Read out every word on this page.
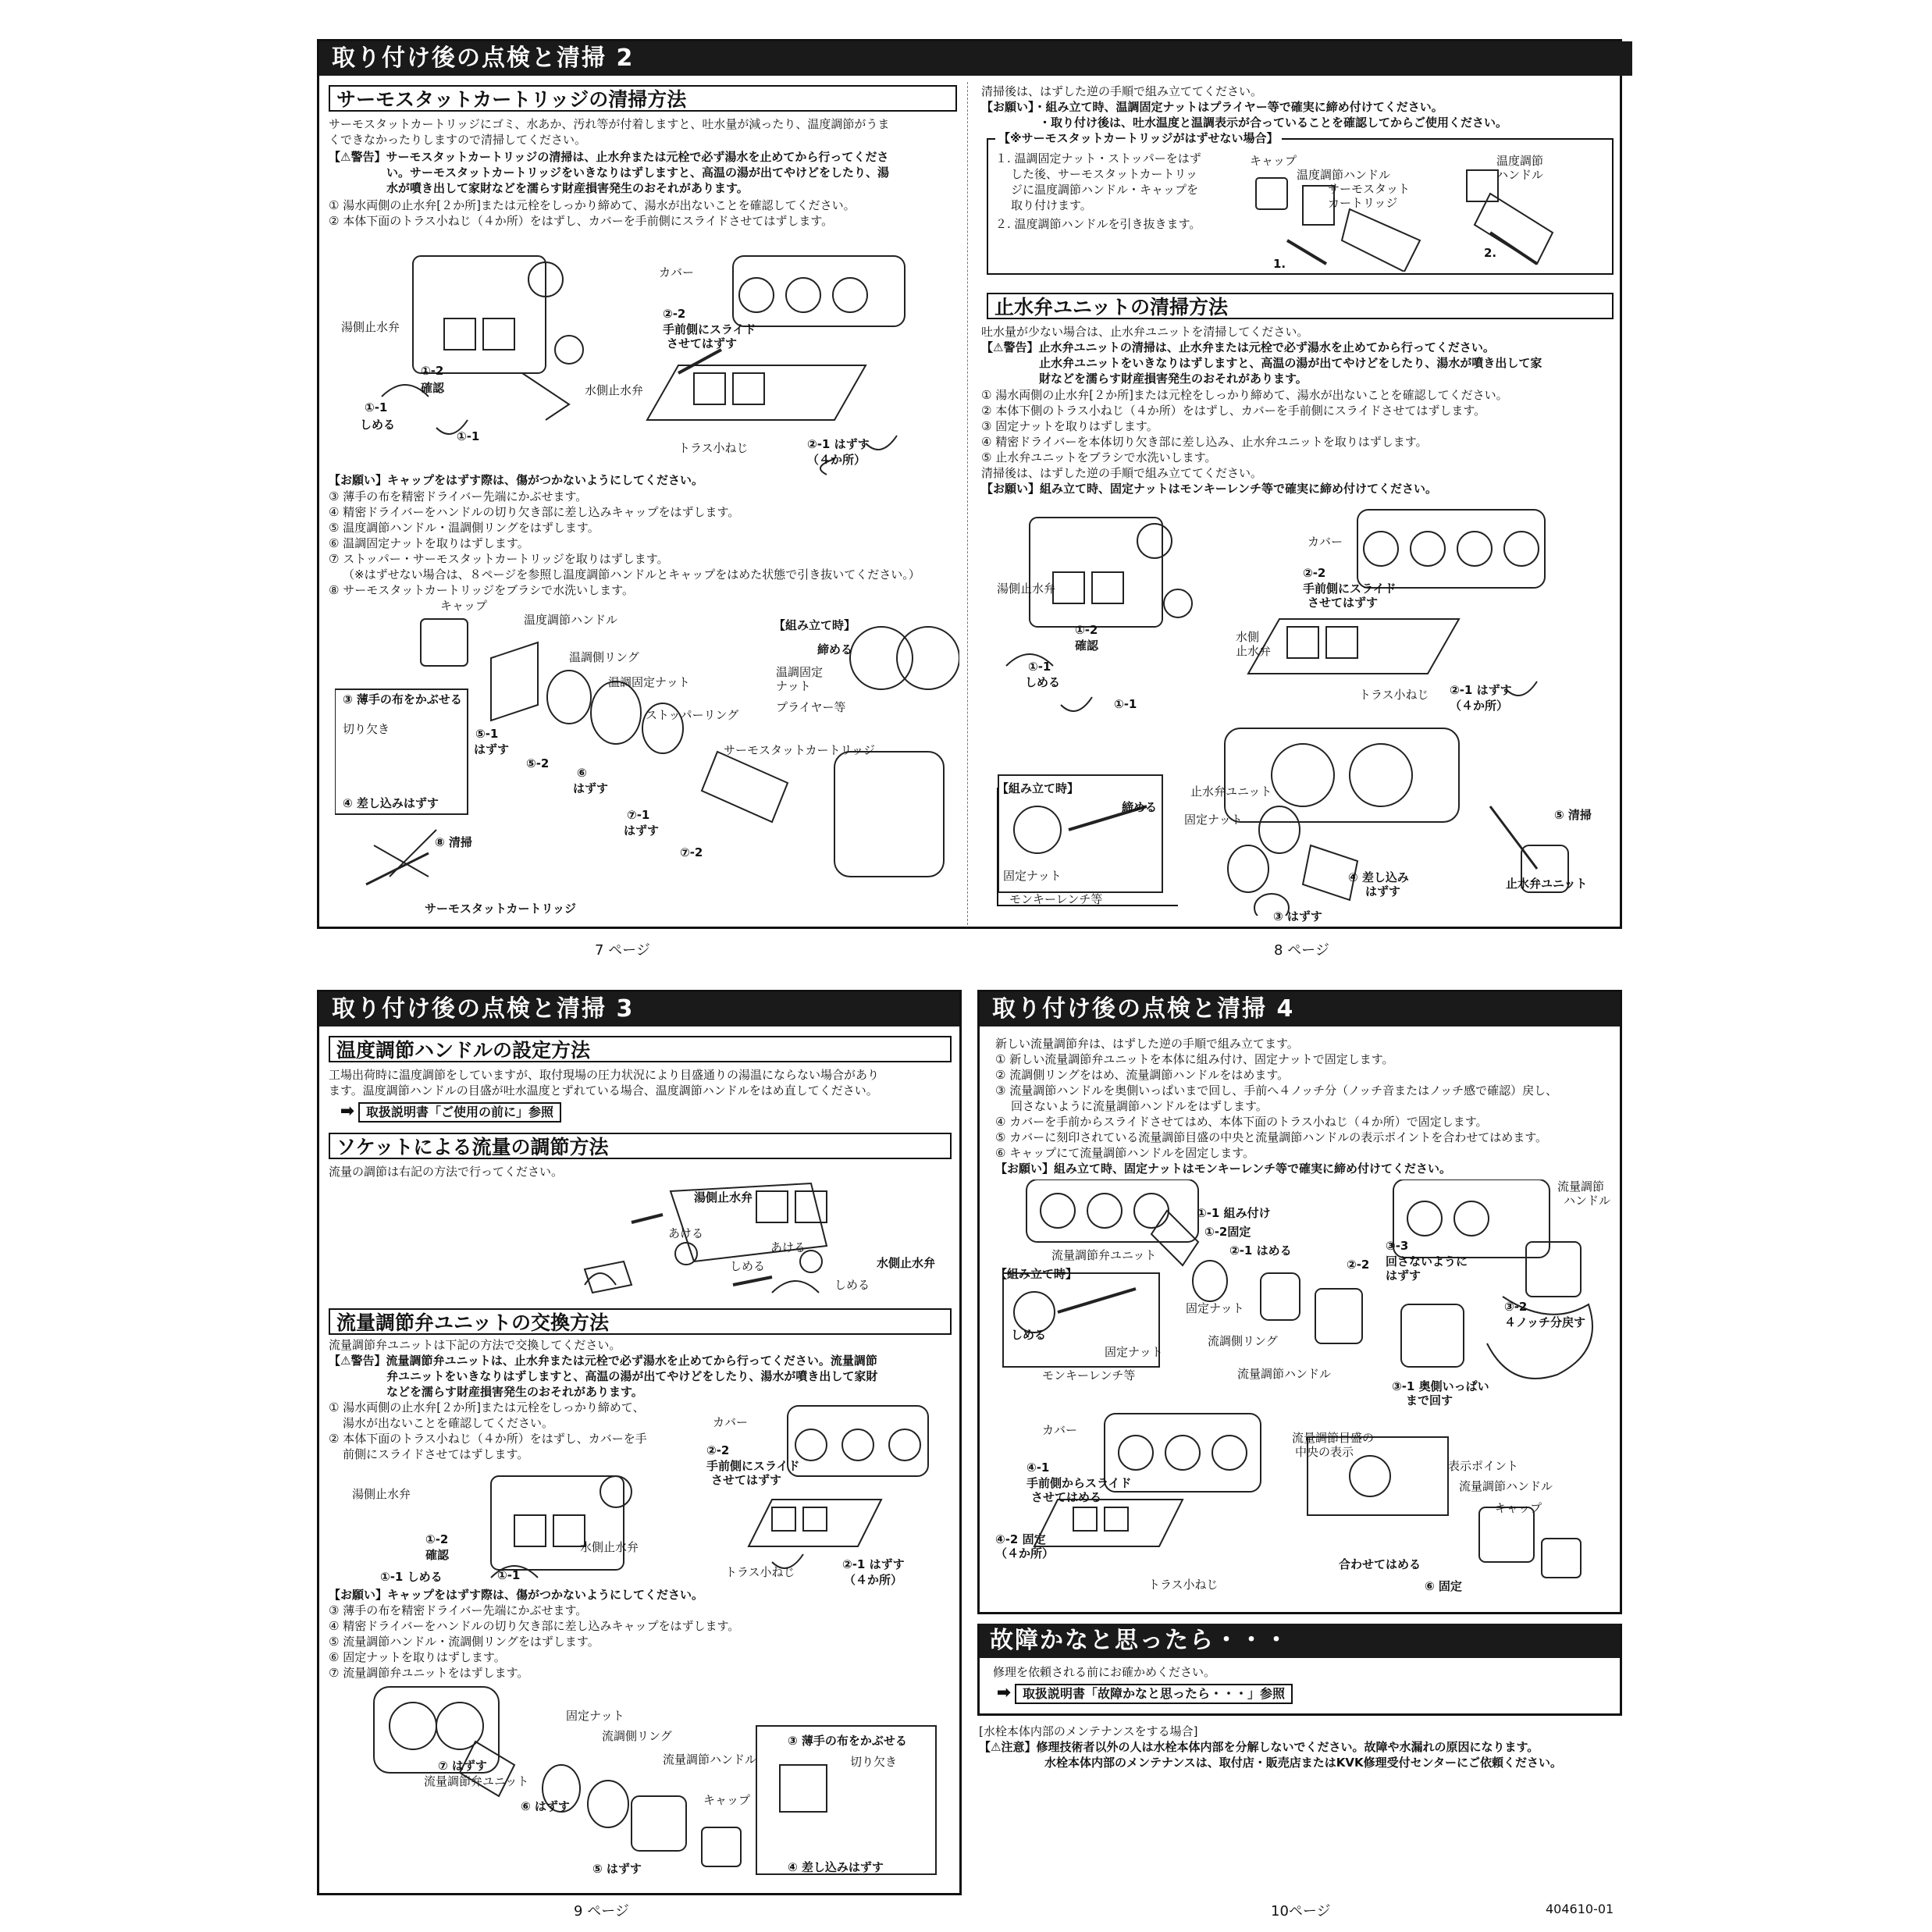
取り付け後の点検と清掃 2
サーモスタットカートリッジの清掃方法
サーモスタットカートリッジにゴミ、水あか、汚れ等が付着しますと、吐水量が減ったり、温度調節がうま
くできなかったりしますので清掃してください。
【⚠警告】サーモスタットカートリッジの清掃は、止水弁または元栓で必ず湯水を止めてから行ってくださ
い。サーモスタットカートリッジをいきなりはずしますと、高温の湯が出てやけどをしたり、湯
水が噴き出して家財などを濡らす財産損害発生のおそれがあります。
① 湯水両側の止水弁[２か所]または元栓をしっかり締めて、湯水が出ないことを確認してください。
② 本体下面のトラス小ねじ（４か所）をはずし、カバーを手前側にスライドさせてはずします。
湯側止水弁
①-2
確認
①-1
しめる
①-1
水側止水弁
カバー
②-2
手前側にスライド
させてはずす
トラス小ねじ	②-1 はずす
（４か所）
【お願い】キャップをはずす際は、傷がつかないようにしてください。
③ 薄手の布を精密ドライバー先端にかぶせます。
④ 精密ドライバーをハンドルの切り欠き部に差し込みキャップをはずします。
⑤ 温度調節ハンドル・温調側リングをはずします。
⑥ 温調固定ナットを取りはずします。
⑦ ストッパー・サーモスタットカートリッジを取りはずします。
（※はずせない場合は、８ページを参照し温度調節ハンドルとキャップをはめた状態で引き抜いてください。）
⑧ サーモスタットカートリッジをブラシで水洗いします。
キャップ
温度調節ハンドル
温調側リング
温調固定ナット
ストッパーリング
サーモスタットカートリッジ
【組み立て時】
締める
温調固定
ナット
プライヤー等
③ 薄手の布をかぶせる
切り欠き	⑤-1
はずす
⑤-2
⑥
はずす
⑦-1
はずす
⑦-2
④ 差し込みはずす
⑧ 清掃
サーモスタットカートリッジ
清掃後は、はずした逆の手順で組み立ててください。
【お願い】・組み立て時、温調固定ナットはプライヤー等で確実に締め付けてください。
・取り付け後は、吐水温度と温調表示が合っていることを確認してからご使用ください。
【※サーモスタットカートリッジがはずせない場合】
１. 温調固定ナット・ストッパーをはず
した後、サーモスタットカートリッ
ジに温度調節ハンドル・キャップを
取り付けます。
２. 温度調節ハンドルを引き抜きます。
キャップ
温度調節ハンドル
サーモスタット
カートリッジ
1.
温度調節
ハンドル
2.
止水弁ユニットの清掃方法
吐水量が少ない場合は、止水弁ユニットを清掃してください。
【⚠警告】止水弁ユニットの清掃は、止水弁または元栓で必ず湯水を止めてから行ってください。
止水弁ユニットをいきなりはずしますと、高温の湯が出てやけどをしたり、湯水が噴き出して家
財などを濡らす財産損害発生のおそれがあります。
① 湯水両側の止水弁[２か所]または元栓をしっかり締めて、湯水が出ないことを確認してください。
② 本体下側のトラス小ねじ（４か所）をはずし、カバーを手前側にスライドさせてはずします。
③ 固定ナットを取りはずします。
④ 精密ドライバーを本体切り欠き部に差し込み、止水弁ユニットを取りはずします。
⑤ 止水弁ユニットをブラシで水洗いします。
清掃後は、はずした逆の手順で組み立ててください。
【お願い】組み立て時、固定ナットはモンキーレンチ等で確実に締め付けてください。
湯側止水弁
①-2
確認
①-1
しめる
①-1
水側
止水弁
カバー
②-2
手前側にスライド
させてはずす
トラス小ねじ ②-1 はずす
（４か所）
【組み立て時】
締める
固定ナット
モンキーレンチ等
止水弁ユニット
固定ナット
④ 差し込み
はずす
③ はずす
⑤ 清掃
止水弁ユニット
7 ページ	8 ページ
取り付け後の点検と清掃 3
温度調節ハンドルの設定方法
工場出荷時に温度調節をしていますが、取付現場の圧力状況により目盛通りの湯温にならない場合があり
ます。温度調節ハンドルの目盛が吐水温度とずれている場合、温度調節ハンドルをはめ直してください。
➡ 取扱説明書「ご使用の前に」参照
ソケットによる流量の調節方法
流量の調節は右記の方法で行ってください。
湯側止水弁
あける
しめる
あける
しめる
水側止水弁
流量調節弁ユニットの交換方法
流量調節弁ユニットは下記の方法で交換してください。
【⚠警告】流量調節弁ユニットは、止水弁または元栓で必ず湯水を止めてから行ってください。流量調節
弁ユニットをいきなりはずしますと、高温の湯が出てやけどをしたり、湯水が噴き出して家財
などを濡らす財産損害発生のおそれがあります。
① 湯水両側の止水弁[２か所]または元栓をしっかり締めて、
湯水が出ないことを確認してください。
② 本体下面のトラス小ねじ（４か所）をはずし、カバーを手
前側にスライドさせてはずします。
カバー
②-2
手前側にスライド
させてはずす
湯側止水弁
①-2
確認
①-1 しめる	①-1
水側止水弁
トラス小ねじ
②-1 はずす
（４か所）
【お願い】キャップをはずす際は、傷がつかないようにしてください。
③ 薄手の布を精密ドライバー先端にかぶせます。
④ 精密ドライバーをハンドルの切り欠き部に差し込みキャップをはずします。
⑤ 流量調節ハンドル・流調側リングをはずします。
⑥ 固定ナットを取りはずします。
⑦ 流量調節弁ユニットをはずします。
固定ナット
流調側リング
流量調節ハンドル
キャップ
⑦ はずす
流量調節弁ユニット
⑥ はずす
⑤ はずす
③ 薄手の布をかぶせる
切り欠き
④ 差し込みはずす
9 ページ
取り付け後の点検と清掃 4
新しい流量調節弁は、はずした逆の手順で組み立てます。
① 新しい流量調節弁ユニットを本体に組み付け、固定ナットで固定します。
② 流調側リングをはめ、流量調節ハンドルをはめます。
③ 流量調節ハンドルを奥側いっぱいまで回し、手前へ４ノッチ分（ノッチ音またはノッチ感で確認）戻し、
回さないように流量調節ハンドルをはずします。
④ カバーを手前からスライドさせてはめ、本体下面のトラス小ねじ（４か所）で固定します。
⑤ カバーに刻印されている流量調節目盛の中央と流量調節ハンドルの表示ポイントを合わせてはめます。
⑥ キャップにて流量調節ハンドルを固定します。
【お願い】組み立て時、固定ナットはモンキーレンチ等で確実に締め付けてください。
①-1 組み付け
①-2固定
②-1 はめる
②-2
流量調節弁ユニット
【組み立て時】
しめる
固定ナット
固定ナット
流調側リング
モンキーレンチ等	流量調節ハンドル
流量調節
ハンドル
③-3
回さないように
はずす
③-2
４ノッチ分戻す
③-1 奥側いっぱい
まで回す
カバー
④-1
手前側からスライド
させてはめる
④-2 固定
（４か所）
トラス小ねじ
流量調節目盛の
中央の表示
表示ポイント
流量調節ハンドル
キャップ
合わせてはめる
⑥ 固定
故障かなと思ったら・・・
修理を依頼される前にお確かめください。
➡ 取扱説明書「故障かなと思ったら・・・」参照
[水栓本体内部のメンテナンスをする場合]
【⚠注意】修理技術者以外の人は水栓本体内部を分解しないでください。故障や水漏れの原因になります。
水栓本体内部のメンテナンスは、取付店・販売店またはKVK修理受付センターにご依頼ください。
10ページ	404610-01
